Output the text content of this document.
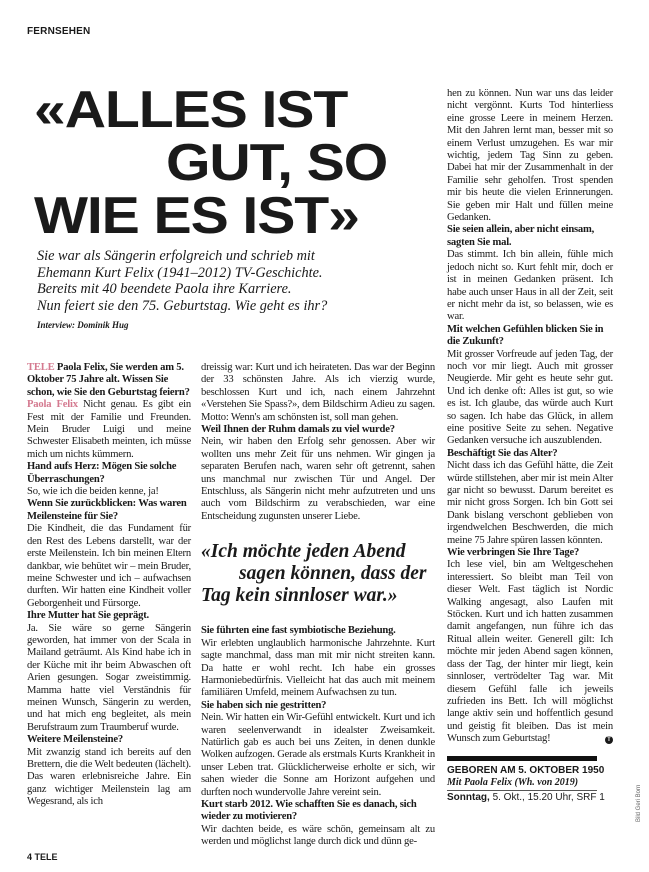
FERNSEHEN
«ALLES IST
GUT, SO
WIE ES IST»
Sie war als Sängerin erfolgreich und schrieb mit
Ehemann Kurt Felix (1941–2012) TV-Geschichte.
Bereits mit 40 beendete Paola ihre Karriere.
Nun feiert sie den 75. Geburtstag. Wie geht es ihr?
Interview: Dominik Hug
TELE Paola Felix, Sie werden am 5. Oktober 75 Jahre alt. Wissen Sie schon, wie Sie den Geburtstag feiern?
Paola Felix Nicht genau. Es gibt ein Fest mit der Familie und Freunden. Mein Bruder Luigi und meine Schwester Elisabeth meinten, ich müsse mich um nichts kümmern.
Hand aufs Herz: Mögen Sie solche Überraschungen?
So, wie ich die beiden kenne, ja!
Wenn Sie zurückblicken: Was waren Meilensteine für Sie?
Die Kindheit, die das Fundament für den Rest des Lebens darstellt, war der erste Meilenstein. Ich bin meinen Eltern dankbar, wie behütet wir – mein Bruder, meine Schwester und ich – aufwachsen durften. Wir hatten eine Kindheit voller Geborgenheit und Fürsorge.
Ihre Mutter hat Sie geprägt.
Ja. Sie wäre so gerne Sängerin geworden, hat immer von der Scala in Mailand geträumt. Als Kind habe ich in der Küche mit ihr beim Abwaschen oft Arien gesungen. Sogar zweistimmig. Mamma hatte viel Verständnis für meinen Wunsch, Sängerin zu werden, und hat mich eng begleitet, als mein Berufstraum zum Traumberuf wurde.
Weitere Meilensteine?
Mit zwanzig stand ich bereits auf den Brettern, die die Welt bedeuten (lächelt). Das waren erlebnisreiche Jahre. Ein ganz wichtiger Meilenstein lag am Wegesrand, als ich
dreissig war: Kurt und ich heirateten. Das war der Beginn der 33 schönsten Jahre. Als ich vierzig wurde, beschlossen Kurt und ich, nach einem Jahrzehnt «Verstehen Sie Spass?», dem Bildschirm Adieu zu sagen. Motto: Wenn's am schönsten ist, soll man gehen.
Weil Ihnen der Ruhm damals zu viel wurde?
Nein, wir haben den Erfolg sehr genossen. Aber wir wollten uns mehr Zeit für uns nehmen. Wir gingen ja separaten Berufen nach, waren sehr oft getrennt, sahen uns manchmal nur zwischen Tür und Angel. Der Entschluss, als Sängerin nicht mehr aufzutreten und uns auch vom Bildschirm zu verabschieden, war eine Entscheidung zugunsten unserer Liebe.
«Ich möchte jeden Abend
sagen können, dass der
Tag kein sinnloser war.»
Sie führten eine fast symbiotische Beziehung.
Wir erlebten unglaublich harmonische Jahrzehnte. Kurt sagte manchmal, dass man mit mir nicht streiten kann. Da hatte er wohl recht. Ich habe ein grosses Harmoniebedürfnis. Vielleicht hat das auch mit meinem familiären Umfeld, meinem Aufwachsen zu tun.
Sie haben sich nie gestritten?
Nein. Wir hatten ein Wir-Gefühl entwickelt. Kurt und ich waren seelenverwandt in idealster Zweisamkeit. Natürlich gab es auch bei uns Zeiten, in denen dunkle Wolken aufzogen. Gerade als erstmals Kurts Krankheit in unser Leben trat. Glücklicherweise erholte er sich, wir sahen wieder die Sonne am Horizont aufgehen und durften noch wundervolle Jahre vereint sein.
Kurt starb 2012. Wie schafften Sie es danach, sich wieder zu motivieren?
Wir dachten beide, es wäre schön, gemeinsam alt zu werden und möglichst lange durch dick und dünn ge-
hen zu können. Nun war uns das leider nicht vergönnt. Kurts Tod hinterliess eine grosse Leere in meinem Herzen. Mit den Jahren lernt man, besser mit so einem Verlust umzugehen. Es war mir wichtig, jedem Tag Sinn zu geben. Dabei hat mir der Zusammenhalt in der Familie sehr geholfen. Trost spenden mir bis heute die vielen Erinnerungen. Sie geben mir Halt und füllen meine Gedanken.
Sie seien allein, aber nicht einsam, sagten Sie mal.
Das stimmt. Ich bin allein, fühle mich jedoch nicht so. Kurt fehlt mir, doch er ist in meinen Gedanken präsent. Ich habe auch unser Haus in all der Zeit, seit er nicht mehr da ist, so belassen, wie es war.
Mit welchen Gefühlen blicken Sie in die Zukunft?
Mit grosser Vorfreude auf jeden Tag, der noch vor mir liegt. Auch mit grosser Neugierde. Mir geht es heute sehr gut. Und ich denke oft: Alles ist gut, so wie es ist. Ich glaube, das würde auch Kurt so sagen. Ich habe das Glück, in allem eine positive Seite zu sehen. Negative Gedanken versuche ich auszublenden.
Beschäftigt Sie das Alter?
Nicht dass ich das Gefühl hätte, die Zeit würde stillstehen, aber mir ist mein Alter gar nicht so bewusst. Darum bereitet es mir nicht gross Sorgen. Ich bin Gott sei Dank bislang verschont geblieben von irgendwelchen Beschwerden, die mich meine 75 Jahre spüren lassen könnten.
Wie verbringen Sie Ihre Tage?
Ich lese viel, bin am Weltgeschehen interessiert. So bleibt man Teil von dieser Welt. Fast täglich ist Nordic Walking angesagt, also Laufen mit Stöcken. Kurt und ich hatten zusammen damit angefangen, nun führe ich das Ritual allein weiter. Generell gilt: Ich möchte mir jeden Abend sagen können, dass der Tag, der hinter mir liegt, kein sinnloser, vertrödelter Tag war. Mit diesem Gefühl falle ich jeweils zufrieden ins Bett. Ich will möglichst lange aktiv sein und hoffentlich gesund und geistig fit bleiben. Das ist mein Wunsch zum Geburtstag!	T
GEBOREN AM 5. OKTOBER 1950
Mit Paola Felix (Wh. von 2019)
Sonntag, 5. Okt., 15.20 Uhr, SRF 1	Bild Geri Born
4 TELE
